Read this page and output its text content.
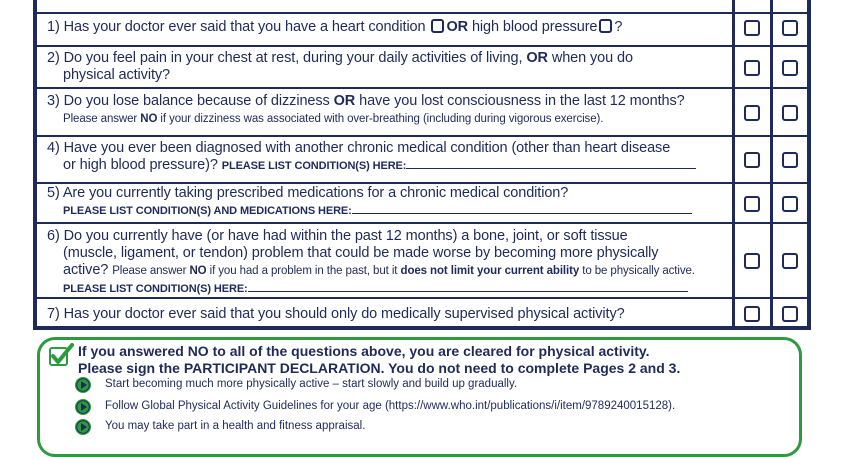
1) Has your doctor ever said that you have a heart condition OR high blood pressure ?
2) Do you feel pain in your chest at rest, during your daily activities of living, OR when you do
physical activity?
3) Do you lose balance because of dizziness OR have you lost consciousness in the last 12 months?
Please answer NO if your dizziness was associated with over-breathing (including during vigorous exercise).
4) Have you ever been diagnosed with another chronic medical condition (other than heart disease
or high blood pressure)? PLEASE LIST CONDITION(S) HERE:
5) Are you currently taking prescribed medications for a chronic medical condition?
PLEASE LIST CONDITION(S) AND MEDICATIONS HERE:
6) Do you currently have (or have had within the past 12 months) a bone, joint, or soft tissue
(muscle, ligament, or tendon) problem that could be made worse by becoming more physically
active? Please answer NO if you had a problem in the past, but it does not limit your current ability to be physically active.
PLEASE LIST CONDITION(S) HERE:
7) Has your doctor ever said that you should only do medically supervised physical activity?
If you answered NO to all of the questions above, you are cleared for physical activity.
Please sign the PARTICIPANT DECLARATION. You do not need to complete Pages 2 and 3.
Start becoming much more physically active – start slowly and build up gradually.
Follow Global Physical Activity Guidelines for your age (https://www.who.int/publications/i/item/9789240015128).
You may take part in a health and fitness appraisal.
